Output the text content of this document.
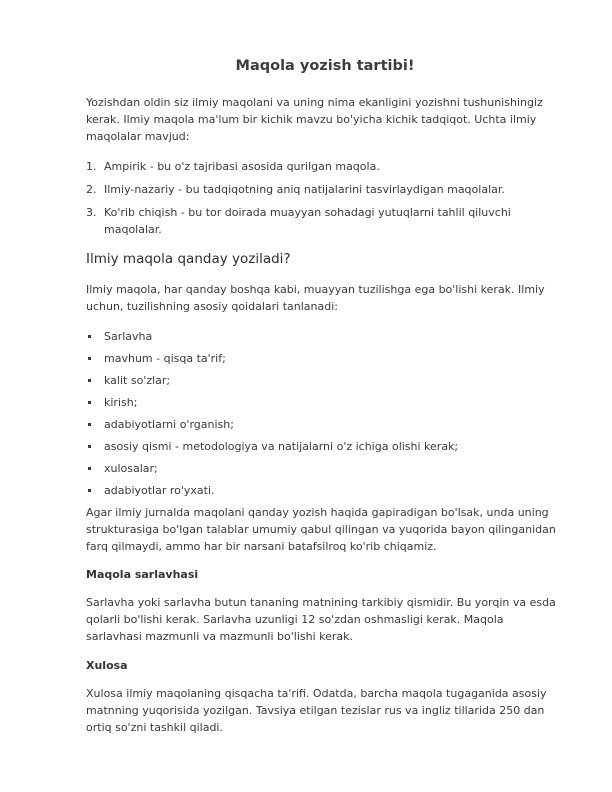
Maqola yozish tartibi!

Yozishdan oldin siz ilmiy maqolani va uning nima ekanligini yozishni tushunishingiz kerak. Ilmiy maqola ma'lum bir kichik mavzu bo'yicha kichik tadqiqot. Uchta ilmiy maqolalar mavjud:

1. Ampirik - bu o'z tajribasi asosida qurilgan maqola.
2. Ilmiy-nazariy - bu tadqiqotning aniq natijalarini tasvirlaydigan maqolalar.
3. Ko'rib chiqish - bu tor doirada muayyan sohadagi yutuqlarni tahlil qiluvchi maqolalar.
Ilmiy maqola qanday yoziladi?

Ilmiy maqola, har qanday boshqa kabi, muayyan tuzilishga ega bo'lishi kerak. Ilmiy uchun, tuzilishning asosiy qoidalari tanlanadi:

Sarlavha
mavhum - qisqa ta'rif;
kalit so'zlar;
kirish;
adabiyotlarni o'rganish;
asosiy qismi - metodologiya va natijalarni o'z ichiga olishi kerak;
xulosalar;
adabiyotlar ro'yxati.

Agar ilmiy jurnalda maqolani qanday yozish haqida gapiradigan bo'lsak, unda uning strukturasiga bo'lgan talablar umumiy qabul qilingan va yuqorida bayon qilinganidan farq qilmaydi, ammo har bir narsani batafsilroq ko'rib chiqamiz.

Maqola sarlavhasi

Sarlavha yoki sarlavha butun tananing matnining tarkibiy qismidir. Bu yorqin va esda qolarli bo'lishi kerak. Sarlavha uzunligi 12 so'zdan oshmasligi kerak. Maqola sarlavhasi mazmunli va mazmunli bo'lishi kerak.

Xulosa

Xulosa ilmiy maqolaning qisqacha ta'rifi. Odatda, barcha maqola tugaganida asosiy matnning yuqorisida yozilgan. Tavsiya etilgan tezislar rus va ingliz tillarida 250 dan ortiq so'zni tashkil qiladi.
